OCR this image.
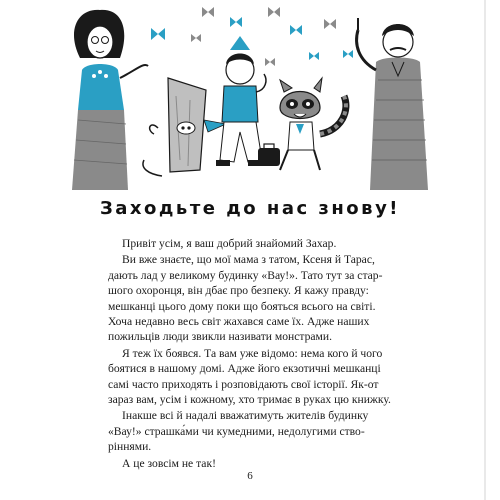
Заходьте до нас знову!

Привіт усім, я ваш добрий знайомий Захар.

Ви вже знаєте, що мої мама з татом, Ксеня й Тарас,
дають лад у великому будинку «Вау!». Тато тут за стар-
шого охоронця, він дбає про безпеку. Я кажу правду:
мешканці цього дому поки що бояться всього на світі.
Хоча недавно весь світ жахався саме їх. Адже наших
пожильців люди звикли називати монстрами.

Я теж їх боявся. Та вам уже відомо: нема кого й чого
боятися в нашому домі. Адже його екзотичні мешканці
самі часто приходять і розповідають свої історії. Як-от
зараз вам, усім і кожному, хто тримає в руках цю книжку.

Інакше всі й надалі вважатимуть жителів будинку
«Вау!» страшка́ми чи кумедними, недолугими ство-
ріннями.

А це зовсім не так!

6
